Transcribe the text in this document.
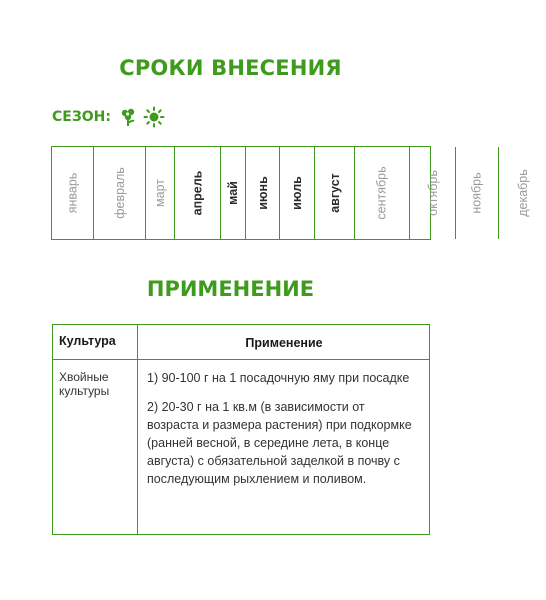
СРОКИ ВНЕСЕНИЯ
СЕЗОН:
январь	февраль март апрель май июнь июль август	сентябрь	октябрь ноябрь	декабрь
ПРИМЕНЕНИЕ
Культура	Применение
Хвойные культуры

1) 90-100 г на 1 посадочную яму при посадке

2) 20-30 г на 1 кв.м (в зависимости от возраста и размера растения) при подкормке (ранней весной, в середине лета, в конце августа) с обязательной заделкой в почву с последующим рыхлением и поливом.
